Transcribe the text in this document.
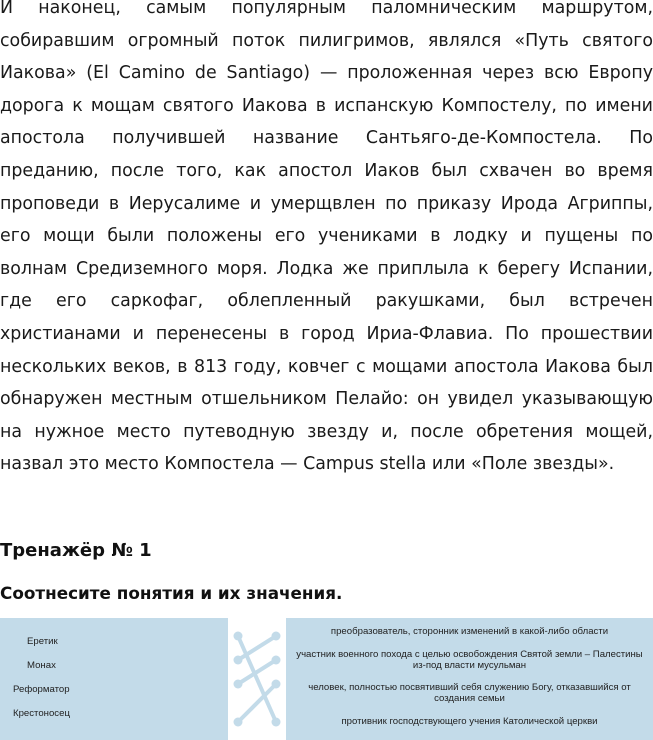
И наконец, самым популярным паломническим маршрутом,
собиравшим огромный поток пилигримов, являлся «Путь святого
Иакова» (El Camino de Santiago) — проложенная через всю Европу
дорога к мощам святого Иакова в испанскую Компостелу, по имени
апостола получившей название Сантьяго-де-Компостела. По
преданию, после того, как апостол Иаков был схвачен во время
проповеди в Иерусалиме и умерщвлен по приказу Ирода Агриппы,
его мощи были положены его учениками в лодку и пущены по
волнам Средиземного моря. Лодка же приплыла к берегу Испании,
где его саркофаг, облепленный ракушками, был встречен
христианами и перенесены в город Ириа-Флавиа. По прошествии
нескольких веков, в 813 году, ковчег с мощами апостола Иакова был
обнаружен местным отшельником Пелайо: он увидел указывающую
на нужное место путеводную звезду и, после обретения мощей,
назвал это место Компостела — Campus stella или «Поле звезды».
Тренажёр № 1
Соотнесите понятия и их значения.
Еретик
Монах
Реформатор
Крестоносец
преобразователь, сторонник изменений в какой-либо области
участник военного похода с целью освобождения Святой земли – Палестины из-под власти мусульман
человек, полностью посвятивший себя служению Богу, отказавшийся от создания семьи
противник господствующего учения Католической церкви
